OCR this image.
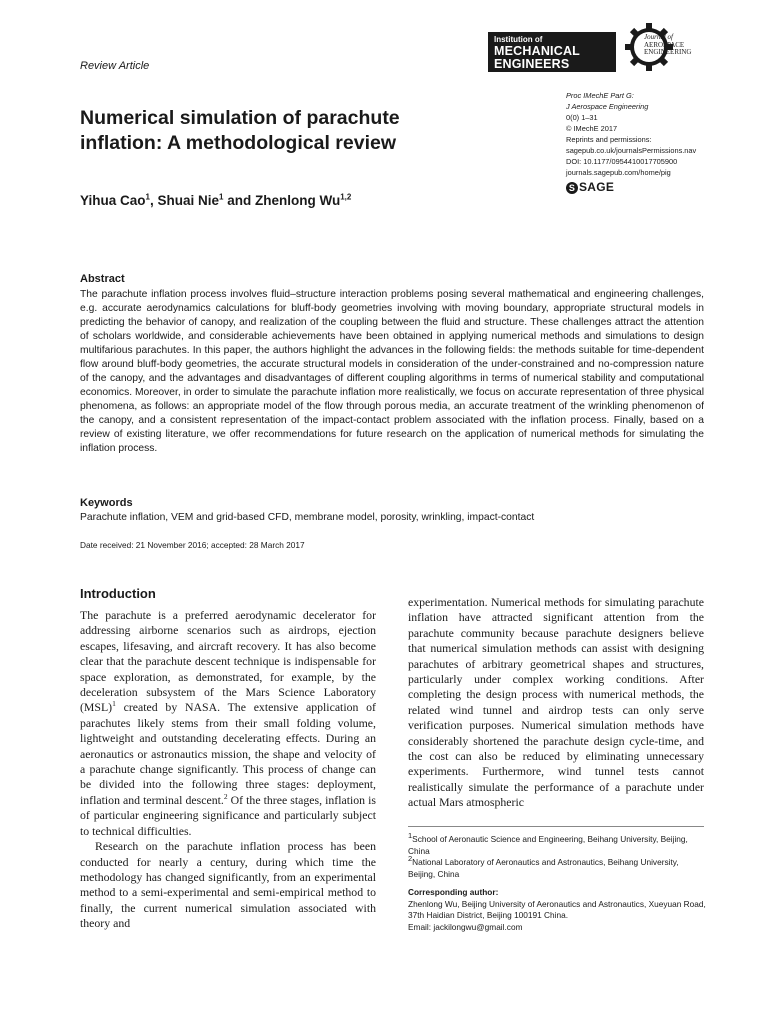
Review Article
Institution of
MECHANICAL
ENGINEERS
Journal of
AEROSPACE
ENGINEERING
Numerical simulation of parachute inflation: A methodological review
Yihua Cao$^1$, Shuai Nie$^1$ and Zhenlong Wu$^{1,2}$
Proc IMechE Part G:
J Aerospace Engineering
0(0) 1–31
© IMechE 2017
Reprints and permissions:
sagepub.co.uk/journalsPermissions.nav
DOI: 10.1177/0954410017705900
journals.sagepub.com/home/pig
S SAGE
Abstract
The parachute inflation process involves fluid–structure interaction problems posing several mathematical and engineering challenges, e.g. accurate aerodynamics calculations for bluff-body geometries involving with moving boundary, appropriate structural models in predicting the behavior of canopy, and realization of the coupling between the fluid and structure. These challenges attract the attention of scholars worldwide, and considerable achievements have been obtained in applying numerical methods and simulations to design multifarious parachutes. In this paper, the authors highlight the advances in the following fields: the methods suitable for time-dependent flow around bluff-body geometries, the accurate structural models in consideration of the under-constrained and no-compression nature of the canopy, and the advantages and disadvantages of different coupling algorithms in terms of numerical stability and computational economics. Moreover, in order to simulate the parachute inflation more realistically, we focus on accurate representation of three physical phenomena, as follows: an appropriate model of the flow through porous media, an accurate treatment of the wrinkling phenomenon of the canopy, and a consistent representation of the impact-contact problem associated with the inflation process. Finally, based on a review of existing literature, we offer recommendations for future research on the application of numerical methods for simulating the inflation process.
Keywords
Parachute inflation, VEM and grid-based CFD, membrane model, porosity, wrinkling, impact-contact
Date received: 21 November 2016; accepted: 28 March 2017
Introduction

The parachute is a preferred aerodynamic decelerator for addressing airborne scenarios such as airdrops, ejection escapes, lifesaving, and aircraft recovery. It has also become clear that the parachute descent technique is indispensable for space exploration, as demonstrated, for example, by the deceleration subsystem of the Mars Science Laboratory (MSL)$^1$ created by NASA. The extensive application of parachutes likely stems from their small folding volume, lightweight and outstanding decelerating effects. During an aeronautics or astronautics mission, the shape and velocity of a parachute change significantly. This process of change can be divided into the following three stages: deployment, inflation and terminal descent.$^2$ Of the three stages, inflation is of particular engineering significance and particularly subject to technical difficulties.

Research on the parachute inflation process has been conducted for nearly a century, during which time the methodology has changed significantly, from an experimental method to a semi-experimental and semi-empirical method to finally, the current numerical simulation associated with theory and

experimentation. Numerical methods for simulating parachute inflation have attracted significant attention from the parachute community because parachute designers believe that numerical simulation methods can assist with designing parachutes of arbitrary geometrical shapes and structures, particularly under complex working conditions. After completing the design process with numerical methods, the related wind tunnel and airdrop tests can only serve verification purposes. Numerical simulation methods have considerably shortened the parachute design cycle-time, and the cost can also be reduced by eliminating unnecessary experiments. Furthermore, wind tunnel tests cannot realistically simulate the performance of a parachute under actual Mars atmospheric

$^1$School of Aeronautic Science and Engineering, Beihang University, Beijing, China

$^2$National Laboratory of Aeronautics and Astronautics, Beihang University, Beijing, China

Corresponding author:

Zhenlong Wu, Beijing University of Aeronautics and Astronautics, Xueyuan Road, 37th Haidian District, Beijing 100191 China.

Email: jackilongwu@gmail.com
